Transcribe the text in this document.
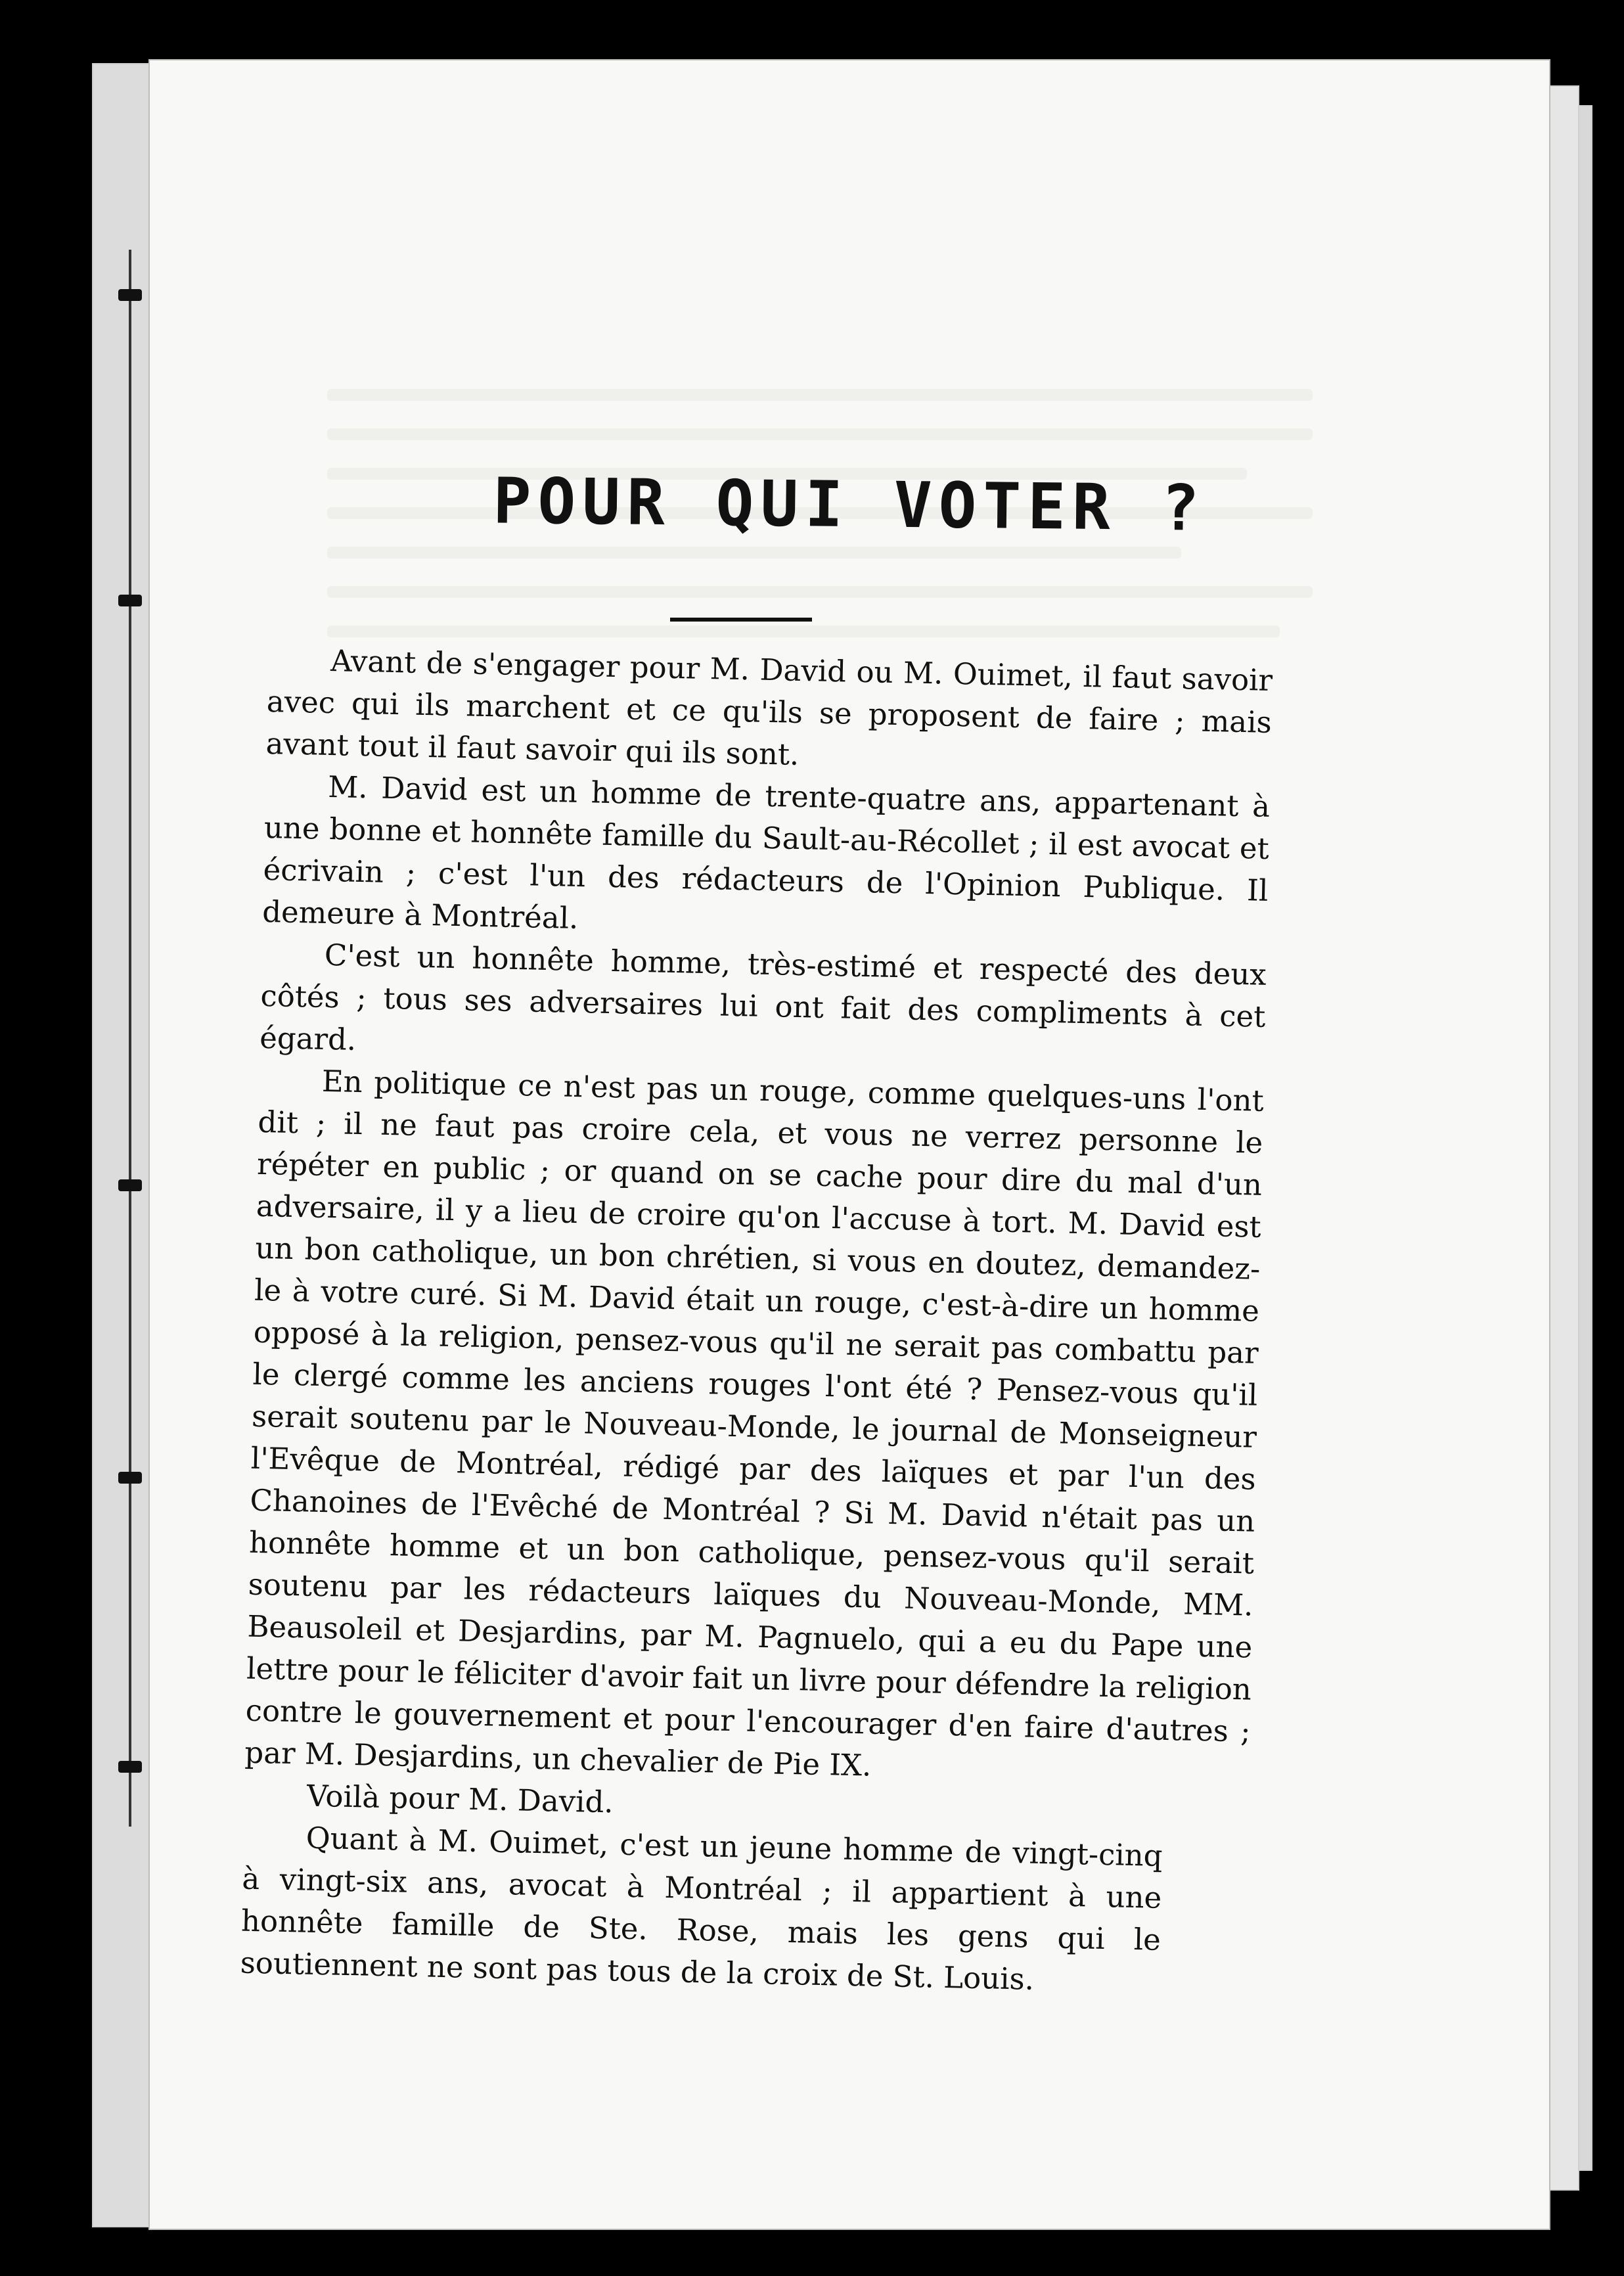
POUR QUI VOTER ?

Avant de s'engager pour M. David ou M. Ouimet, il faut savoir avec qui ils marchent et ce qu'ils se proposent de faire ; mais avant tout il faut savoir qui ils sont.

M. David est un homme de trente-quatre ans, appartenant à une bonne et honnête famille du Sault-au-Récollet ; il est avocat et écrivain ; c'est l'un des rédacteurs de l'Opinion Publique. Il demeure à Montréal.

C'est un honnête homme, très-estimé et respecté des deux côtés ; tous ses adversaires lui ont fait des compliments à cet égard.

En politique ce n'est pas un rouge, comme quelques-uns l'ont dit ; il ne faut pas croire cela, et vous ne verrez personne le répéter en public ; or quand on se cache pour dire du mal d'un adversaire, il y a lieu de croire qu'on l'accuse à tort. M. David est un bon catholique, un bon chrétien, si vous en doutez, demandez-le à votre curé. Si M. David était un rouge, c'est-à-dire un homme opposé à la religion, pensez-vous qu'il ne serait pas combattu par le clergé comme les anciens rouges l'ont été ? Pensez-vous qu'il serait soutenu par le Nouveau-Monde, le journal de Monseigneur l'Evêque de Montréal, rédigé par des laïques et par l'un des Chanoines de l'Evêché de Montréal ? Si M. David n'était pas un honnête homme et un bon catholique, pensez-vous qu'il serait soutenu par les rédacteurs laïques du Nouveau-Monde, MM. Beausoleil et Desjardins, par M. Pagnuelo, qui a eu du Pape une lettre pour le féliciter d'avoir fait un livre pour défendre la religion contre le gouvernement et pour l'encourager d'en faire d'autres ; par M. Desjardins, un chevalier de Pie IX.

Voilà pour M. David.

Quant à M. Ouimet, c'est un jeune homme de vingt-cinq à vingt-six ans, avocat à Montréal ; il appartient à une honnête famille de Ste. Rose, mais les gens qui le soutiennent ne sont pas tous de la croix de St. Louis.
